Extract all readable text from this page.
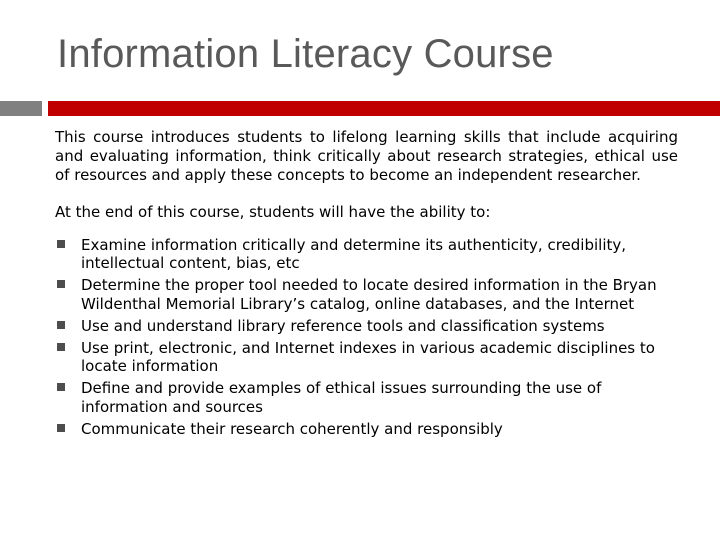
Information Literacy Course

This course introduces students to lifelong learning skills that include acquiring and evaluating information, think critically about research strategies, ethical use of resources and apply these concepts to become an independent researcher.

At the end of this course, students will have the ability to:

Examine information critically and determine its authenticity, credibility, intellectual content, bias, etc
Determine the proper tool needed to locate desired information in the Bryan Wildenthal Memorial Library’s catalog, online databases, and the Internet
Use and understand library reference tools and classification systems
Use print, electronic, and Internet indexes in various academic disciplines to locate information
Define and provide examples of ethical issues surrounding the use of information and sources
Communicate their research coherently and responsibly
